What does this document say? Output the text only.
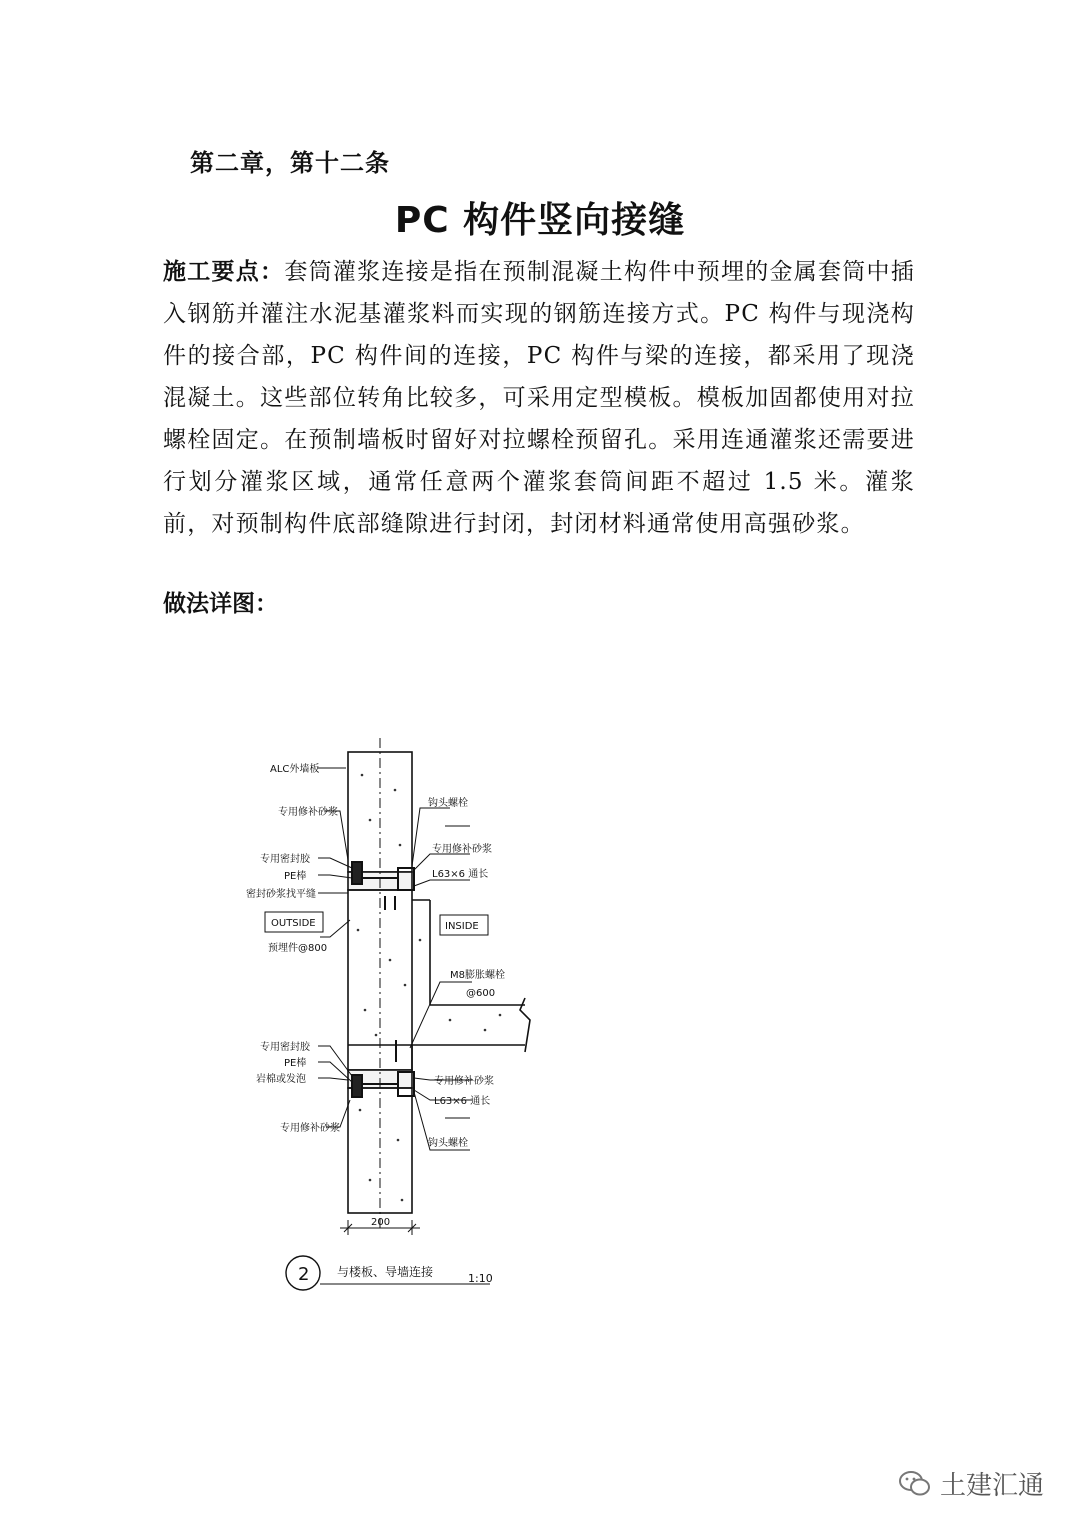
第二章，第十二条
PC 构件竖向接缝
施工要点：套筒灌浆连接是指在预制混凝土构件中预埋的金属套筒中插入钢筋并灌注水泥基灌浆料而实现的钢筋连接方式。PC 构件与现浇构件的接合部，PC 构件间的连接，PC 构件与梁的连接，都采用了现浇混凝土。这些部位转角比较多，可采用定型模板。模板加固都使用对拉螺栓固定。在预制墙板时留好对拉螺栓预留孔。采用连通灌浆还需要进行划分灌浆区域，通常任意两个灌浆套筒间距不超过 1.5 米。灌浆前，对预制构件底部缝隙进行封闭，封闭材料通常使用高强砂浆。
做法详图：
ALC外墙板
专用修补砂浆
钩头螺栓
专用修补砂浆
专用密封胶
PE棒
密封砂浆找平缝
L63×6 通长
OUTSIDE	INSIDE
预埋件@800
M8膨胀螺栓
@600
专用密封胶
PE棒
岩棉或发泡	专用修补砂浆
L63×6 通长
专用修补砂浆
钩头螺栓
200
2 与楼板、导墙连接	1:10
土建汇通
